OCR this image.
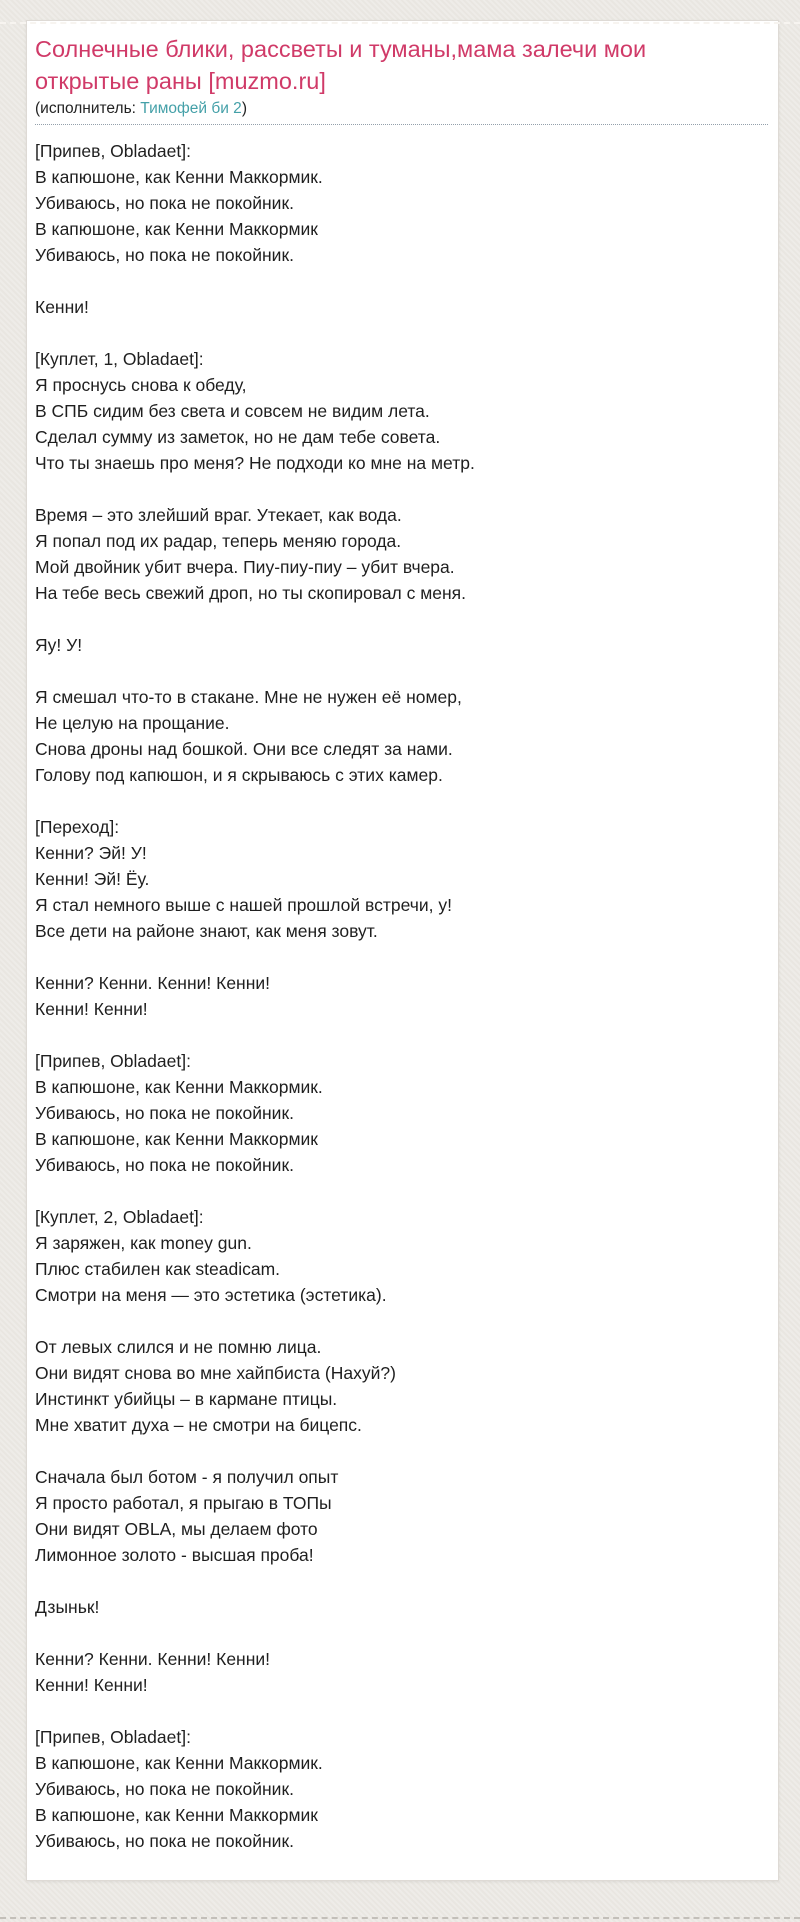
Солнечные блики, рассветы и туманы,мама залечи мои открытые раны [muzmo.ru]
(исполнитель: Тимофей би 2)
[Припев, Obladaet]:
В капюшоне, как Кенни Маккормик.
Убиваюсь, но пока не покойник.
В капюшоне, как Кенни Маккормик
Убиваюсь, но пока не покойник.
Кенни!
[Куплет, 1, Obladaet]:
Я проснусь снова к обеду,
В СПБ сидим без света и совсем не видим лета.
Сделал сумму из заметок, но не дам тебе совета.
Что ты знаешь про меня? Не подходи ко мне на метр.
Время – это злейший враг. Утекает, как вода.
Я попал под их радар, теперь меняю города.
Мой двойник убит вчера. Пиу-пиу-пиу – убит вчера.
На тебе весь свежий дроп, но ты скопировал с меня.
Яу! У!
Я смешал что-то в стакане. Мне не нужен её номер,
Не целую на прощание.
Снова дроны над бошкой. Они все следят за нами.
Голову под капюшон, и я скрываюсь с этих камер.
[Переход]:
Кенни? Эй! У!
Кенни! Эй! Ёу.
Я стал немного выше с нашей прошлой встречи, у!
Все дети на районе знают, как меня зовут.
Кенни? Кенни. Кенни! Кенни!
Кенни! Кенни!
[Припев, Obladaet]:
В капюшоне, как Кенни Маккормик.
Убиваюсь, но пока не покойник.
В капюшоне, как Кенни Маккормик
Убиваюсь, но пока не покойник.
[Куплет, 2, Obladaet]:
Я заряжен, как money gun.
Плюс стабилен как steadicam.
Смотри на меня — это эстетика (эстетика).
От левых слился и не помню лица.
Они видят снова во мне хайпбиста (Нахуй?)
Инстинкт убийцы – в кармане птицы.
Мне хватит духа – не смотри на бицепс.
Сначала был ботом - я получил опыт
Я просто работал, я прыгаю в ТОПы
Они видят OBLA, мы делаем фото
Лимонное золото - высшая проба!
Дзыньк!
Кенни? Кенни. Кенни! Кенни!
Кенни! Кенни!
[Припев, Obladaet]:
В капюшоне, как Кенни Маккормик.
Убиваюсь, но пока не покойник.
В капюшоне, как Кенни Маккормик
Убиваюсь, но пока не покойник.
